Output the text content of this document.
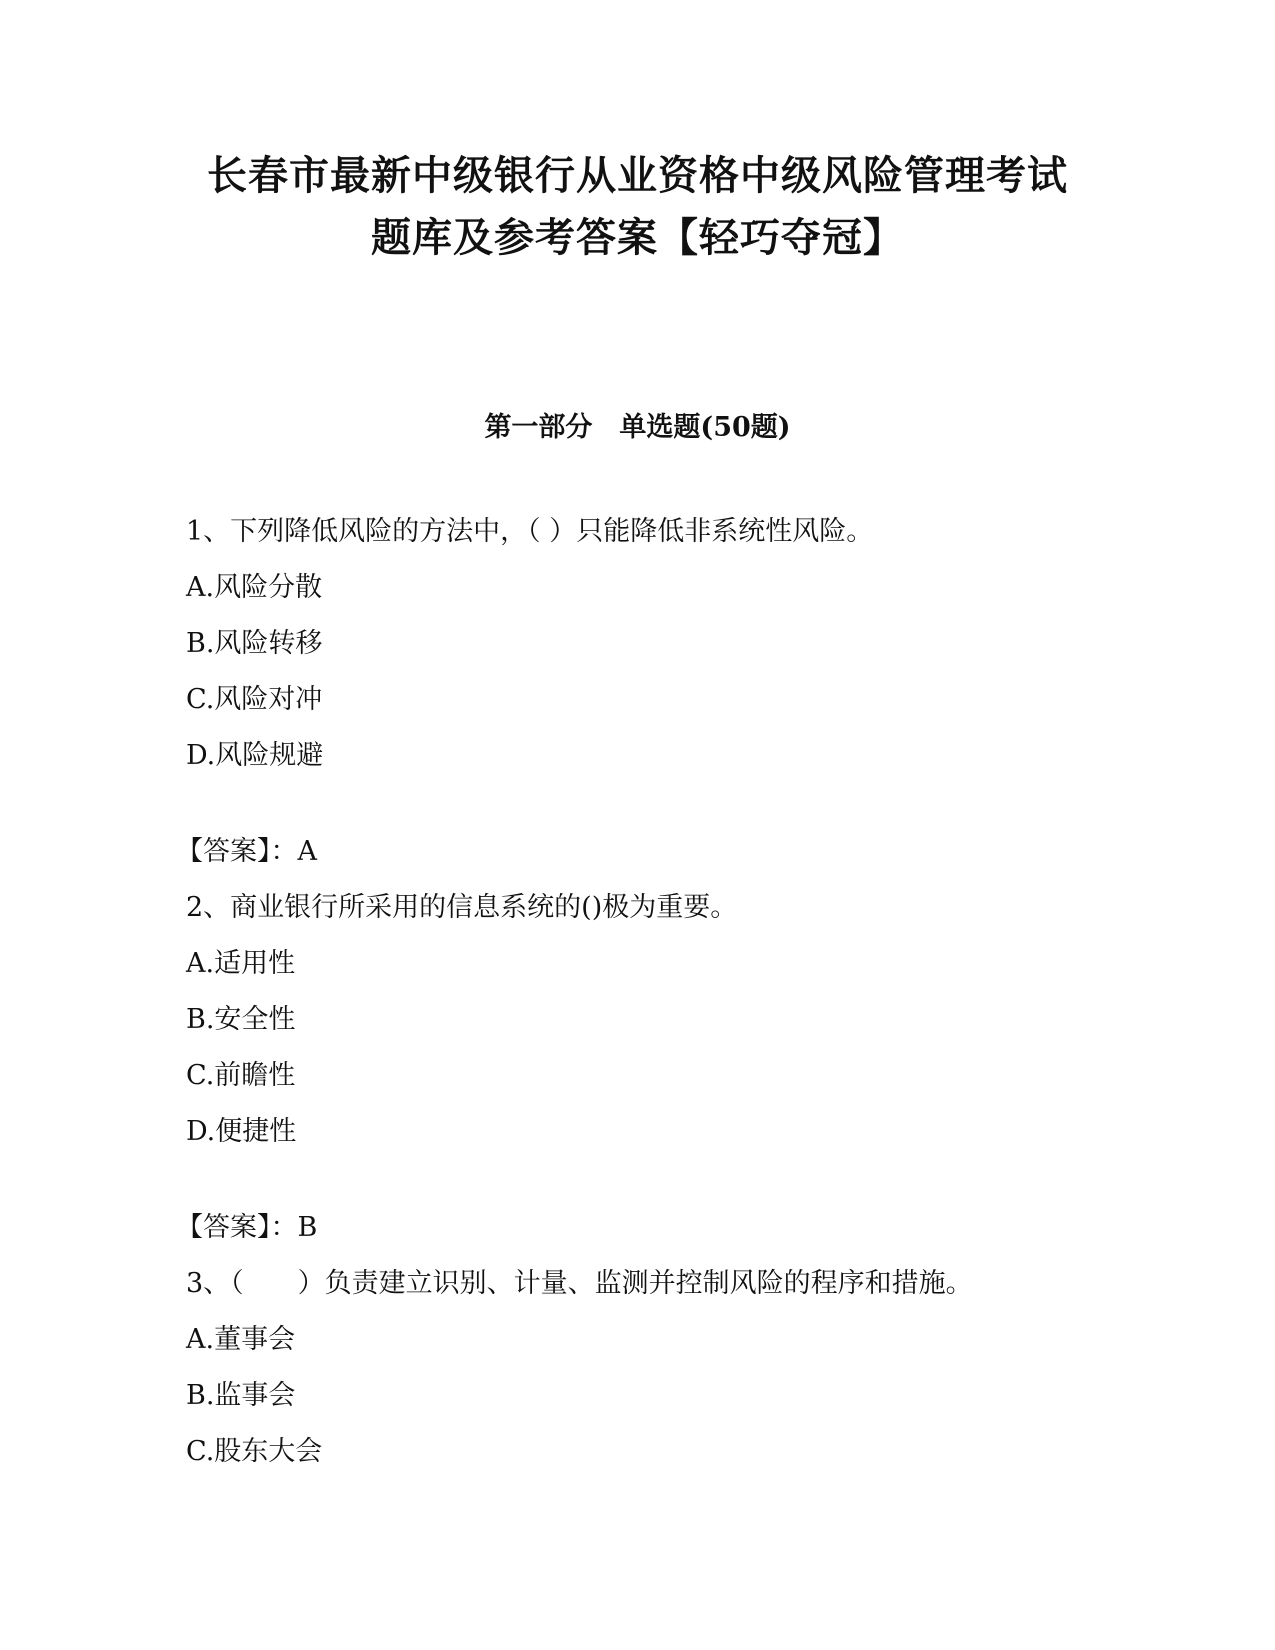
长春市最新中级银行从业资格中级风险管理考试
题库及参考答案【轻巧夺冠】
第一部分　单选题(50题)

1、下列降低风险的方法中，（ ）只能降低非系统性风险。

A.风险分散

B.风险转移

C.风险对冲

D.风险规避

【答案】：A

2、商业银行所采用的信息系统的()极为重要。

A.适用性

B.安全性

C.前瞻性

D.便捷性

【答案】：B

3、（　　）负责建立识别、计量、监测并控制风险的程序和措施。

A.董事会

B.监事会

C.股东大会
